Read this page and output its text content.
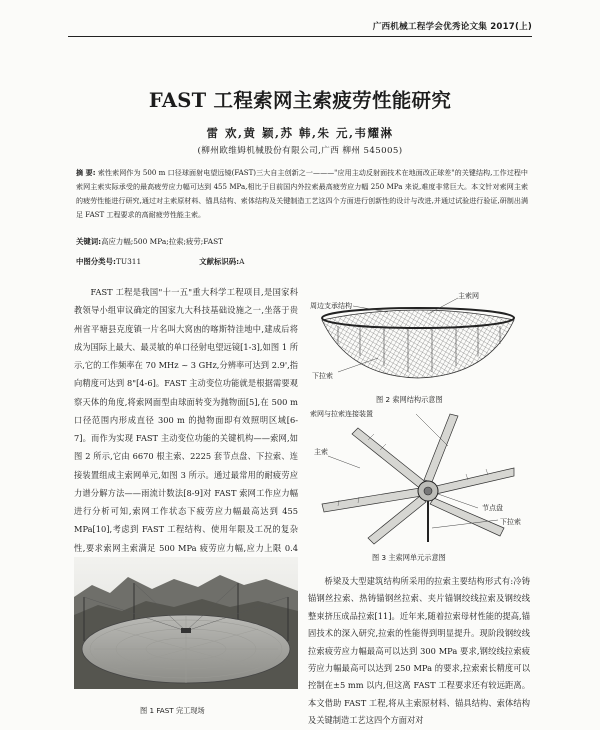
广西机械工程学会优秀论文集 2017(上)
FAST 工程索网主索疲劳性能研究
雷 欢,黄 颖,苏 韩,朱 元,韦耀淋
(柳州欧维姆机械股份有限公司,广西 柳州 545005)
摘 要: 索性索网作为 500 m 口径球面射电望远镜(FAST)三大自主创新之一———"应用主动反射面技术在地面改正球差"的关键结构,工作过程中索网主索实际承受的最高疲劳应力幅可达到 455 MPa,相比于目前国内外拉索最高疲劳应力幅 250 MPa 来说,难度非常巨大。本文针对索网主索的疲劳性能进行研究,通过对主索原材料、锚具结构、索体结构及关键制造工艺这四个方面进行创新性的设计与改进,并通过试验进行验证,研制出满足 FAST 工程要求的高耐疲劳性能主索。
关键词:高应力幅;500 MPa;拉索;疲劳;FAST
中图分类号:TU311	文献标识码:A

FAST 工程是我国"十一五"重大科学工程项目,是国家科教领导小组审议确定的国家九大科技基础设施之一,坐落于贵州省平塘县克度镇一片名叫大窝凼的喀斯特洼地中,建成后将成为国际上最大、最灵敏的单口径射电望远镜[1-3],如图 1 所示,它的工作频率在 70 MHz ~ 3 GHz,分辨率可达到 2.9',指向精度可达到 8"[4-6]。FAST 主动变位功能就是根据需要观察天体的角度,将索网面型由球面转变为抛物面[5],在 500 m 口径范围内形成直径 300 m 的抛物面即有效照明区域[6-7]。而作为实现 FAST 主动变位功能的关键机构——索网,如图 2 所示,它由 6670 根主索、2225 套节点盘、下拉索、连接装置组成主索网单元,如图 3 所示。通过最常用的耐疲劳应力谱分解方法——雨流计数法[8-9]对 FAST 索网工作应力幅进行分析可知,索网工作状态下疲劳应力幅最高达到 455 MPa[10],考虑到 FAST 工程结构、使用年限及工况的复杂性,要求索网主索满足 500 MPa 疲劳应力幅,应力上限 0.4

图 1 FAST 完工现场
周边支承结构
主索网
下拉索
图 2 索网结构示意图
索网与拉索连接装置
主索
节点盘
下拉索
图 3 主索网单元示意图

桥梁及大型建筑结构所采用的拉索主要结构形式有:冷铸锚钢丝拉索、热铸锚钢丝拉索、夹片锚钢绞线拉索及钢绞线整束挤压成品拉索[11]。近年来,随着拉索母材性能的提高,锚固技术的深入研究,拉索的性能得到明显提升。现阶段钢绞线拉索疲劳应力幅最高可以达到 300 MPa 要求,钢绞线拉索疲劳应力幅最高可以达到 250 MPa 的要求,拉索索长精度可以控制在±5 mm 以内,但这离 FAST 工程要求还有较远距离。本文借助 FAST 工程,将从主索原材料、锚具结构、索体结构及关键制造工艺这四个方面对对
